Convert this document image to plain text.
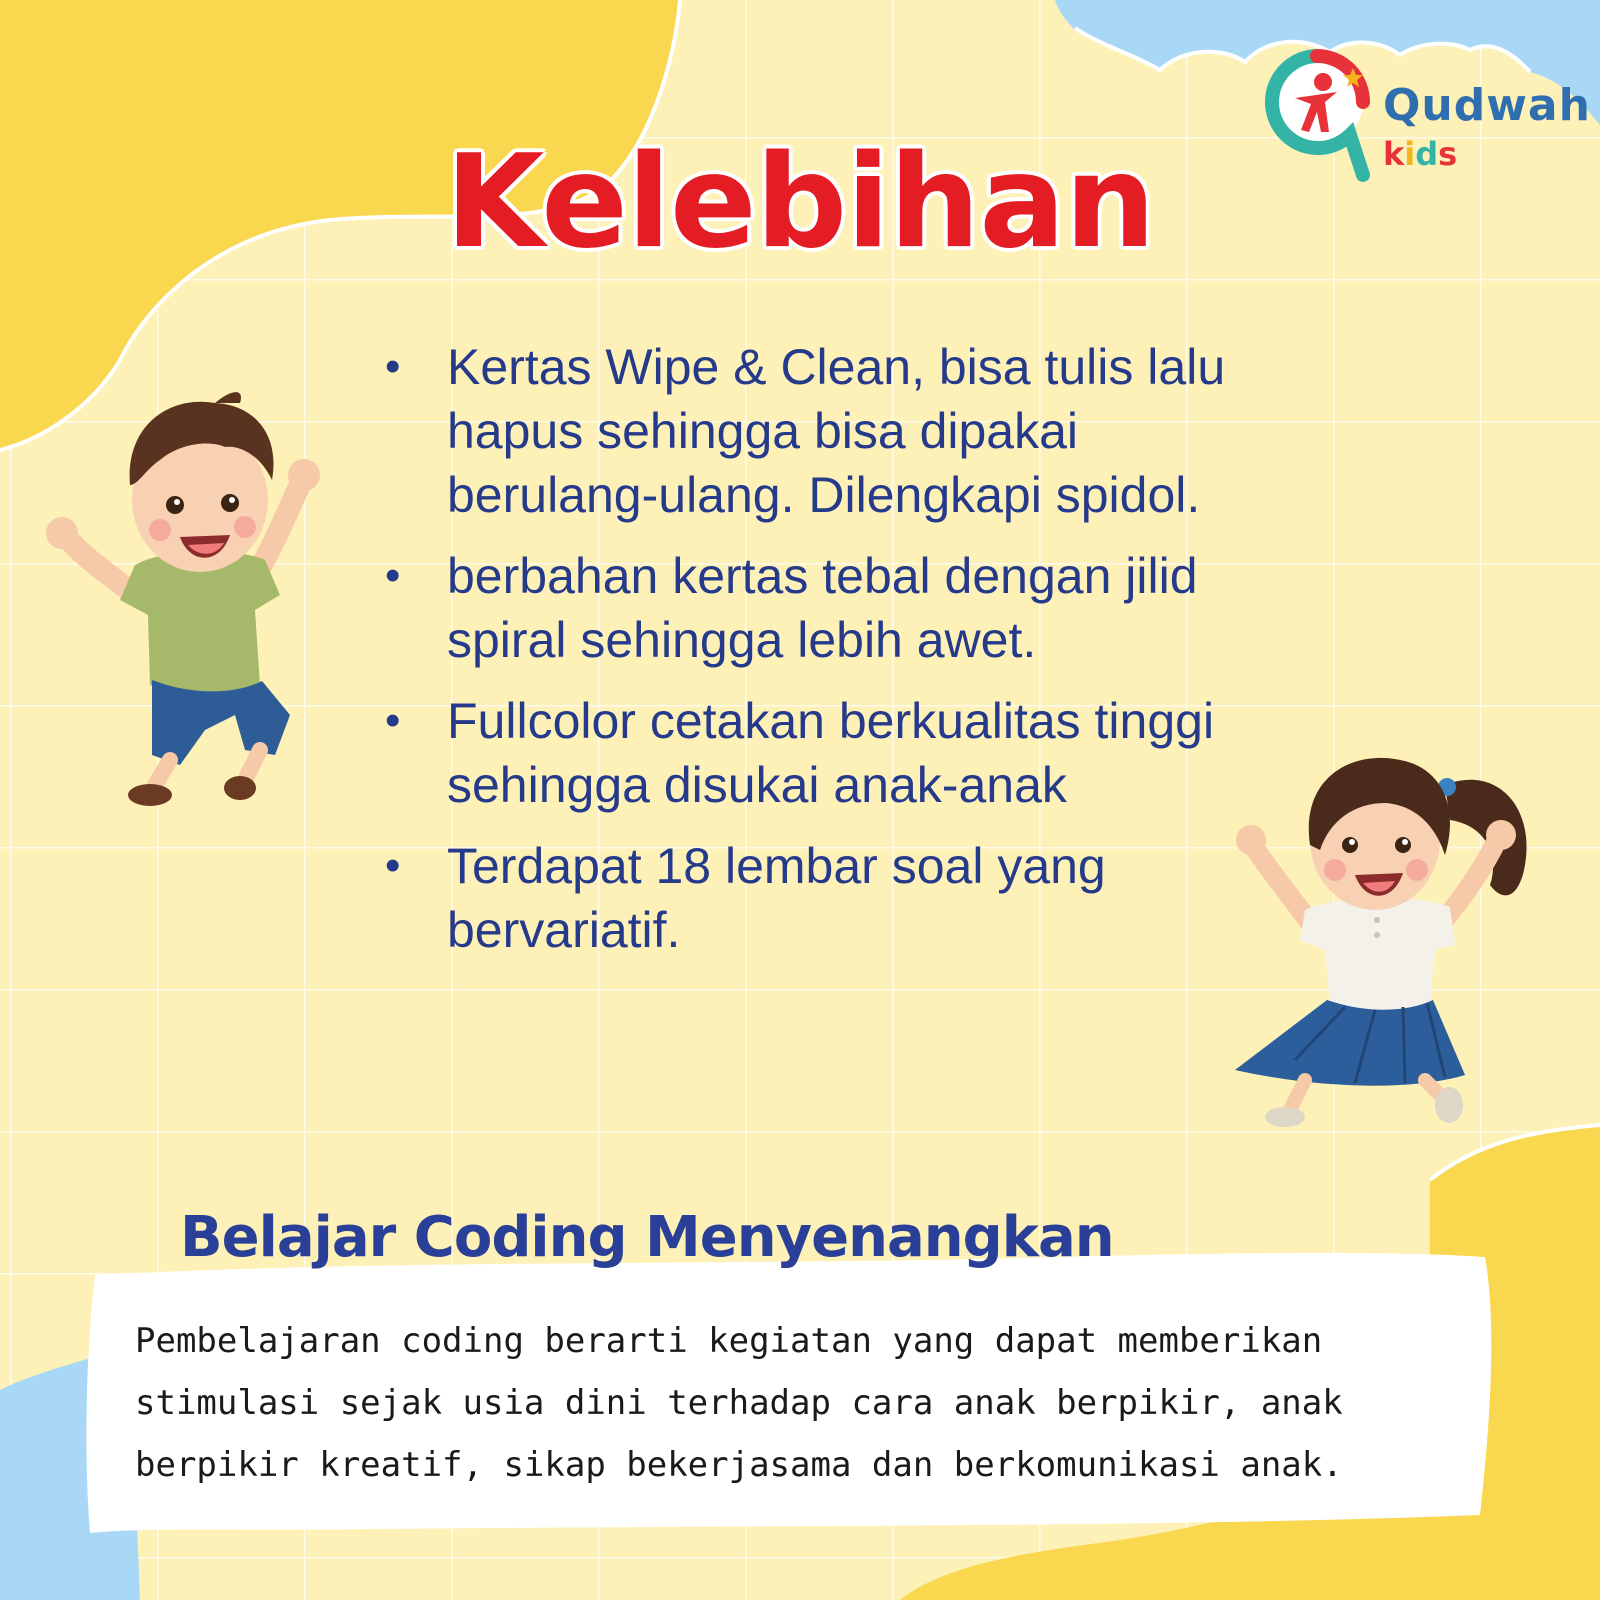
Qudwah
kids
Kelebihan
• Kertas Wipe & Clean, bisa tulis lalu hapus sehingga bisa dipakai berulang-ulang. Dilengkapi spidol.
• berbahan kertas tebal dengan jilid spiral sehingga lebih awet.
• Fullcolor cetakan berkualitas tinggi sehingga disukai anak-anak
• Terdapat 18 lembar soal yang bervariatif.
Belajar Coding Menyenangkan
Pembelajaran coding berarti kegiatan yang dapat memberikan stimulasi sejak usia dini terhadap cara anak berpikir, anak berpikir kreatif, sikap bekerjasama dan berkomunikasi anak.
